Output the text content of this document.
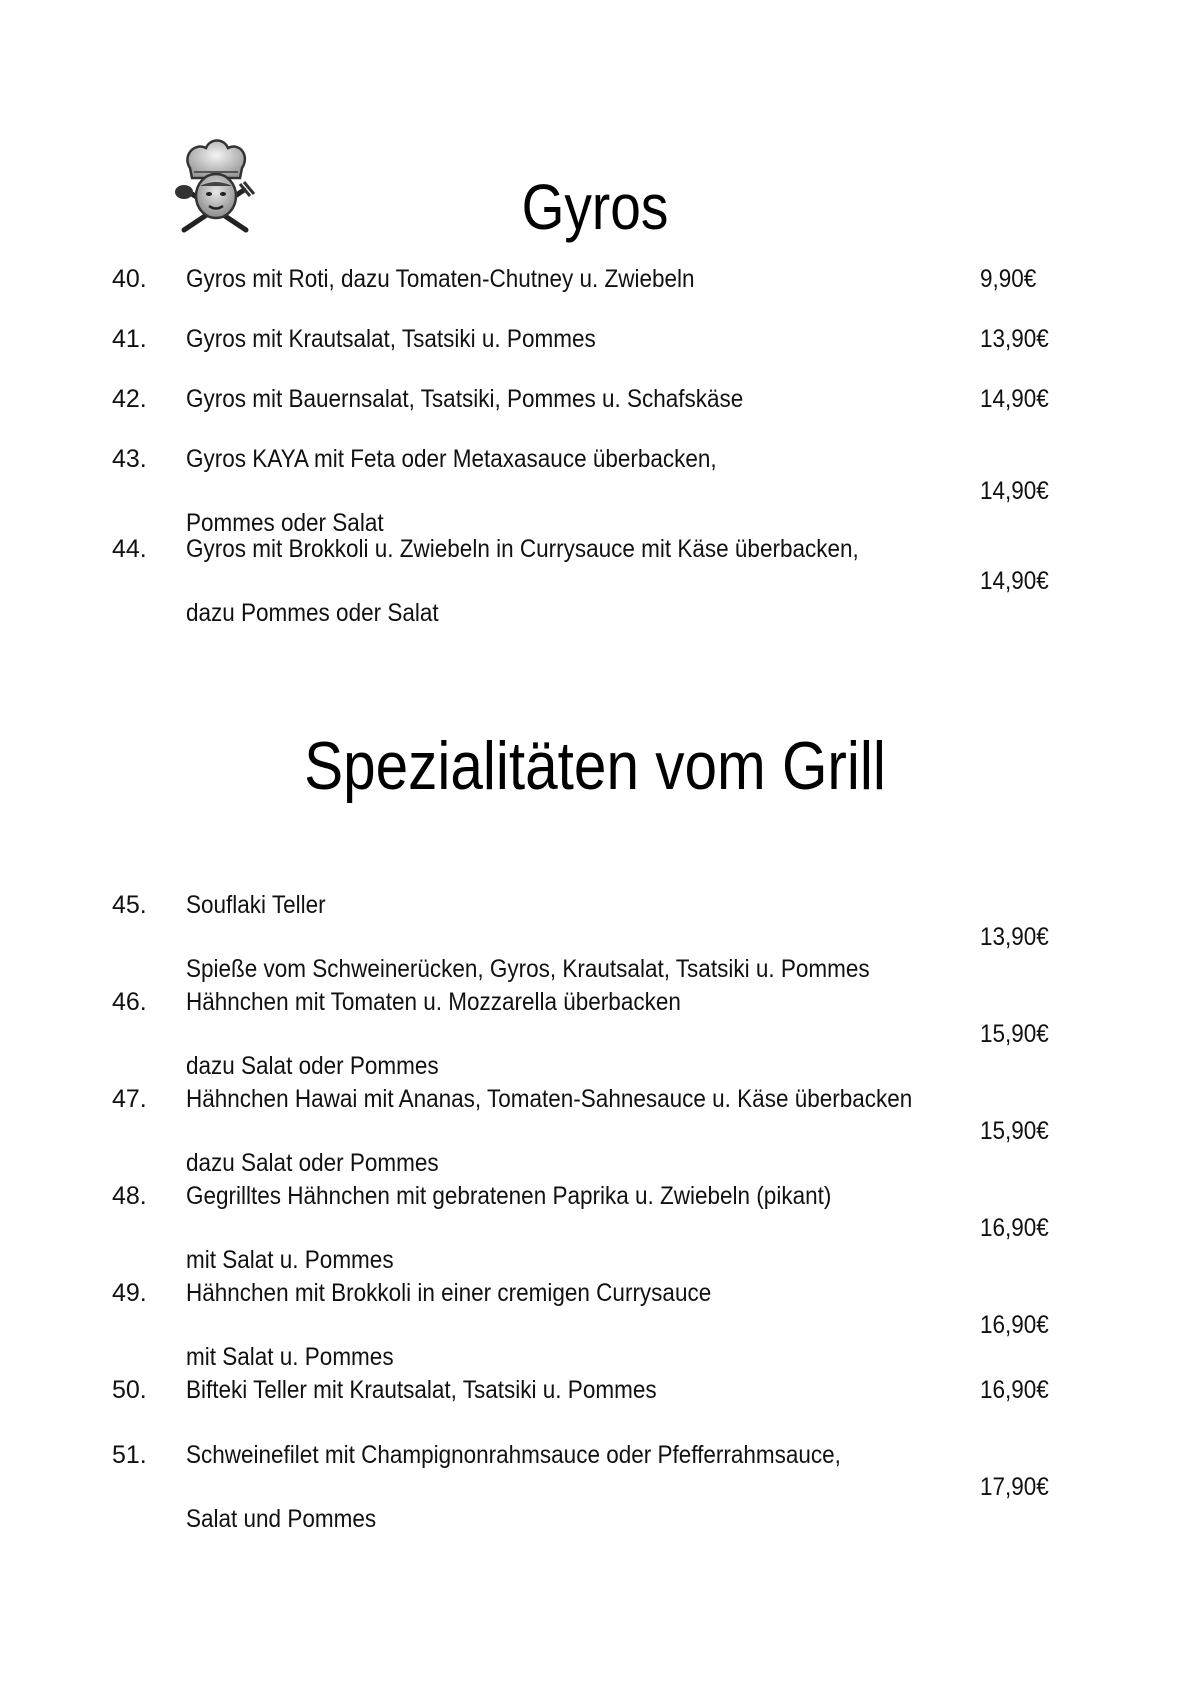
Gyros
40. Gyros mit Roti, dazu Tomaten-Chutney u. Zwiebeln	9,90€
41. Gyros mit Krautsalat, Tsatsiki u. Pommes	13,90€
42. Gyros mit Bauernsalat, Tsatsiki, Pommes u. Schafskäse	14,90€
43. Gyros KAYA mit Feta oder Metaxasauce überbacken,

Pommes oder Salat
14,90€
44. Gyros mit Brokkoli u. Zwiebeln in Currysauce mit Käse überbacken,

dazu Pommes oder Salat
14,90€
Spezialitäten vom Grill
45. Souflaki Teller

Spieße vom Schweinerücken, Gyros, Krautsalat, Tsatsiki u. Pommes
13,90€
46. Hähnchen mit Tomaten u. Mozzarella überbacken

dazu Salat oder Pommes
15,90€
47. Hähnchen Hawai mit Ananas, Tomaten-Sahnesauce u. Käse überbacken

dazu Salat oder Pommes
15,90€
48. Gegrilltes Hähnchen mit gebratenen Paprika u. Zwiebeln (pikant)

mit Salat u. Pommes
16,90€
49. Hähnchen mit Brokkoli in einer cremigen Currysauce

mit Salat u. Pommes
16,90€
50. Bifteki Teller mit Krautsalat, Tsatsiki u. Pommes	16,90€
51. Schweinefilet mit Champignonrahmsauce oder Pfefferrahmsauce,

Salat und Pommes
17,90€
